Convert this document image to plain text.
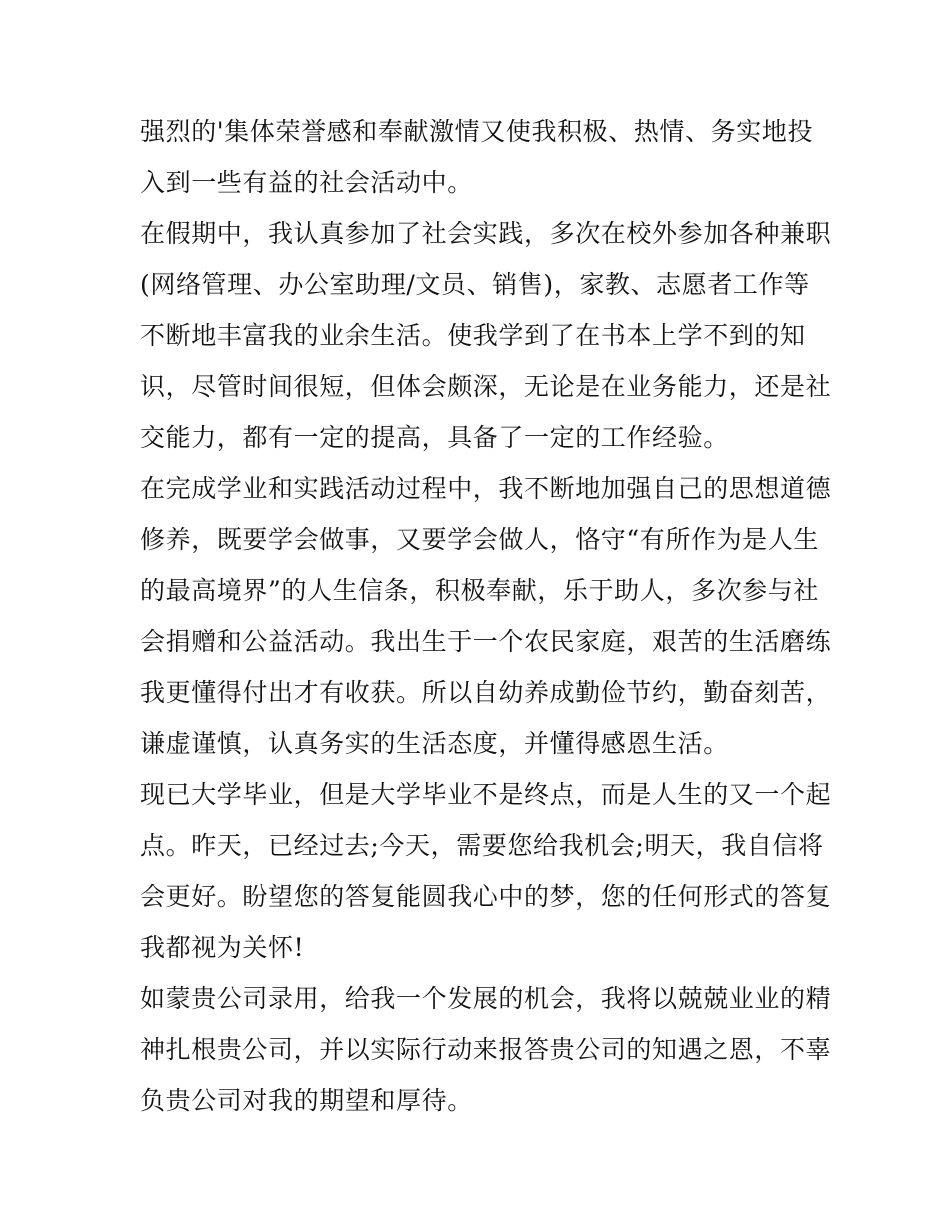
强烈的'集体荣誉感和奉献激情又使我积极、热情、务实地投
入到一些有益的社会活动中。
在假期中，我认真参加了社会实践，多次在校外参加各种兼职
(网络管理、办公室助理/文员、销售)，家教、志愿者工作等
不断地丰富我的业余生活。使我学到了在书本上学不到的知
识，尽管时间很短，但体会颇深，无论是在业务能力，还是社
交能力，都有一定的提高，具备了一定的工作经验。
在完成学业和实践活动过程中，我不断地加强自己的思想道德
修养，既要学会做事，又要学会做人，恪守“有所作为是人生
的最高境界”的人生信条，积极奉献，乐于助人，多次参与社
会捐赠和公益活动。我出生于一个农民家庭，艰苦的生活磨练
我更懂得付出才有收获。所以自幼养成勤俭节约，勤奋刻苦，
谦虚谨慎，认真务实的生活态度，并懂得感恩生活。
现已大学毕业，但是大学毕业不是终点，而是人生的又一个起
点。昨天，已经过去;今天，需要您给我机会;明天，我自信将
会更好。盼望您的答复能圆我心中的梦，您的任何形式的答复
我都视为关怀!
如蒙贵公司录用，给我一个发展的机会，我将以兢兢业业的精
神扎根贵公司，并以实际行动来报答贵公司的知遇之恩，不辜
负贵公司对我的期望和厚待。
